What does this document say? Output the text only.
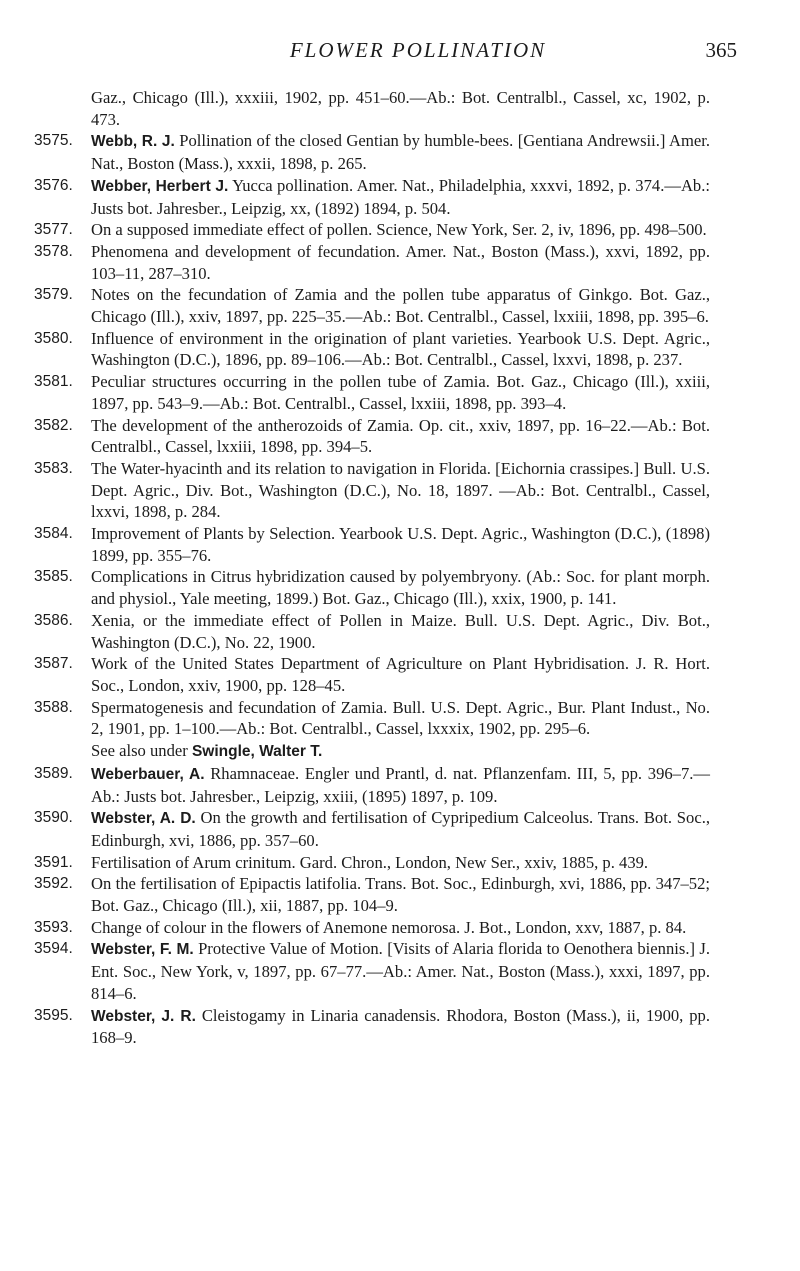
FLOWER POLLINATION	365

Gaz., Chicago (Ill.), xxxiii, 1902, pp. 451–60.—Ab.: Bot. Centralbl., Cassel, xc, 1902, p. 473.

3575. Webb, R. J. Pollination of the closed Gentian by humble-bees. [Gentiana Andrewsii.] Amer. Nat., Boston (Mass.), xxxii, 1898, p. 265.

3576. Webber, Herbert J. Yucca pollination. Amer. Nat., Philadelphia, xxxvi, 1892, p. 374.—Ab.: Justs bot. Jahresber., Leipzig, xx, (1892) 1894, p. 504.

3577. On a supposed immediate effect of pollen. Science, New York, Ser. 2, iv, 1896, pp. 498–500.

3578. Phenomena and development of fecundation. Amer. Nat., Boston (Mass.), xxvi, 1892, pp. 103–11, 287–310.

3579. Notes on the fecundation of Zamia and the pollen tube apparatus of Ginkgo. Bot. Gaz., Chicago (Ill.), xxiv, 1897, pp. 225–35.—Ab.: Bot. Centralbl., Cassel, lxxiii, 1898, pp. 395–6.

3580. Influence of environment in the origination of plant varieties. Yearbook U.S. Dept. Agric., Washington (D.C.), 1896, pp. 89–106.—Ab.: Bot. Centralbl., Cassel, lxxvi, 1898, p. 237.

3581. Peculiar structures occurring in the pollen tube of Zamia. Bot. Gaz., Chicago (Ill.), xxiii, 1897, pp. 543–9.—Ab.: Bot. Centralbl., Cassel, lxxiii, 1898, pp. 393–4.

3582. The development of the antherozoids of Zamia. Op. cit., xxiv, 1897, pp. 16–22.—Ab.: Bot. Centralbl., Cassel, lxxiii, 1898, pp. 394–5.

3583. The Water-hyacinth and its relation to navigation in Florida. [Eichornia crassipes.] Bull. U.S. Dept. Agric., Div. Bot., Washington (D.C.), No. 18, 1897. —Ab.: Bot. Centralbl., Cassel, lxxvi, 1898, p. 284.

3584. Improvement of Plants by Selection. Yearbook U.S. Dept. Agric., Washington (D.C.), (1898) 1899, pp. 355–76.

3585. Complications in Citrus hybridization caused by polyembryony. (Ab.: Soc. for plant morph. and physiol., Yale meeting, 1899.) Bot. Gaz., Chicago (Ill.), xxix, 1900, p. 141.

3586. Xenia, or the immediate effect of Pollen in Maize. Bull. U.S. Dept. Agric., Div. Bot., Washington (D.C.), No. 22, 1900.

3587. Work of the United States Department of Agriculture on Plant Hybridisation. J. R. Hort. Soc., London, xxiv, 1900, pp. 128–45.

3588. Spermatogenesis and fecundation of Zamia. Bull. U.S. Dept. Agric., Bur. Plant Indust., No. 2, 1901, pp. 1–100.—Ab.: Bot. Centralbl., Cassel, lxxxix, 1902, pp. 295–6.

See also under Swingle, Walter T.

3589. Weberbauer, A. Rhamnaceae. Engler und Prantl, d. nat. Pflanzenfam. III, 5, pp. 396–7.—Ab.: Justs bot. Jahresber., Leipzig, xxiii, (1895) 1897, p. 109.

3590. Webster, A. D. On the growth and fertilisation of Cypripedium Calceolus. Trans. Bot. Soc., Edinburgh, xvi, 1886, pp. 357–60.

3591. Fertilisation of Arum crinitum. Gard. Chron., London, New Ser., xxiv, 1885, p. 439.

3592. On the fertilisation of Epipactis latifolia. Trans. Bot. Soc., Edinburgh, xvi, 1886, pp. 347–52; Bot. Gaz., Chicago (Ill.), xii, 1887, pp. 104–9.

3593. Change of colour in the flowers of Anemone nemorosa. J. Bot., London, xxv, 1887, p. 84.

3594. Webster, F. M. Protective Value of Motion. [Visits of Alaria florida to Oenothera biennis.] J. Ent. Soc., New York, v, 1897, pp. 67–77.—Ab.: Amer. Nat., Boston (Mass.), xxxi, 1897, pp. 814–6.

3595. Webster, J. R. Cleistogamy in Linaria canadensis. Rhodora, Boston (Mass.), ii, 1900, pp. 168–9.
